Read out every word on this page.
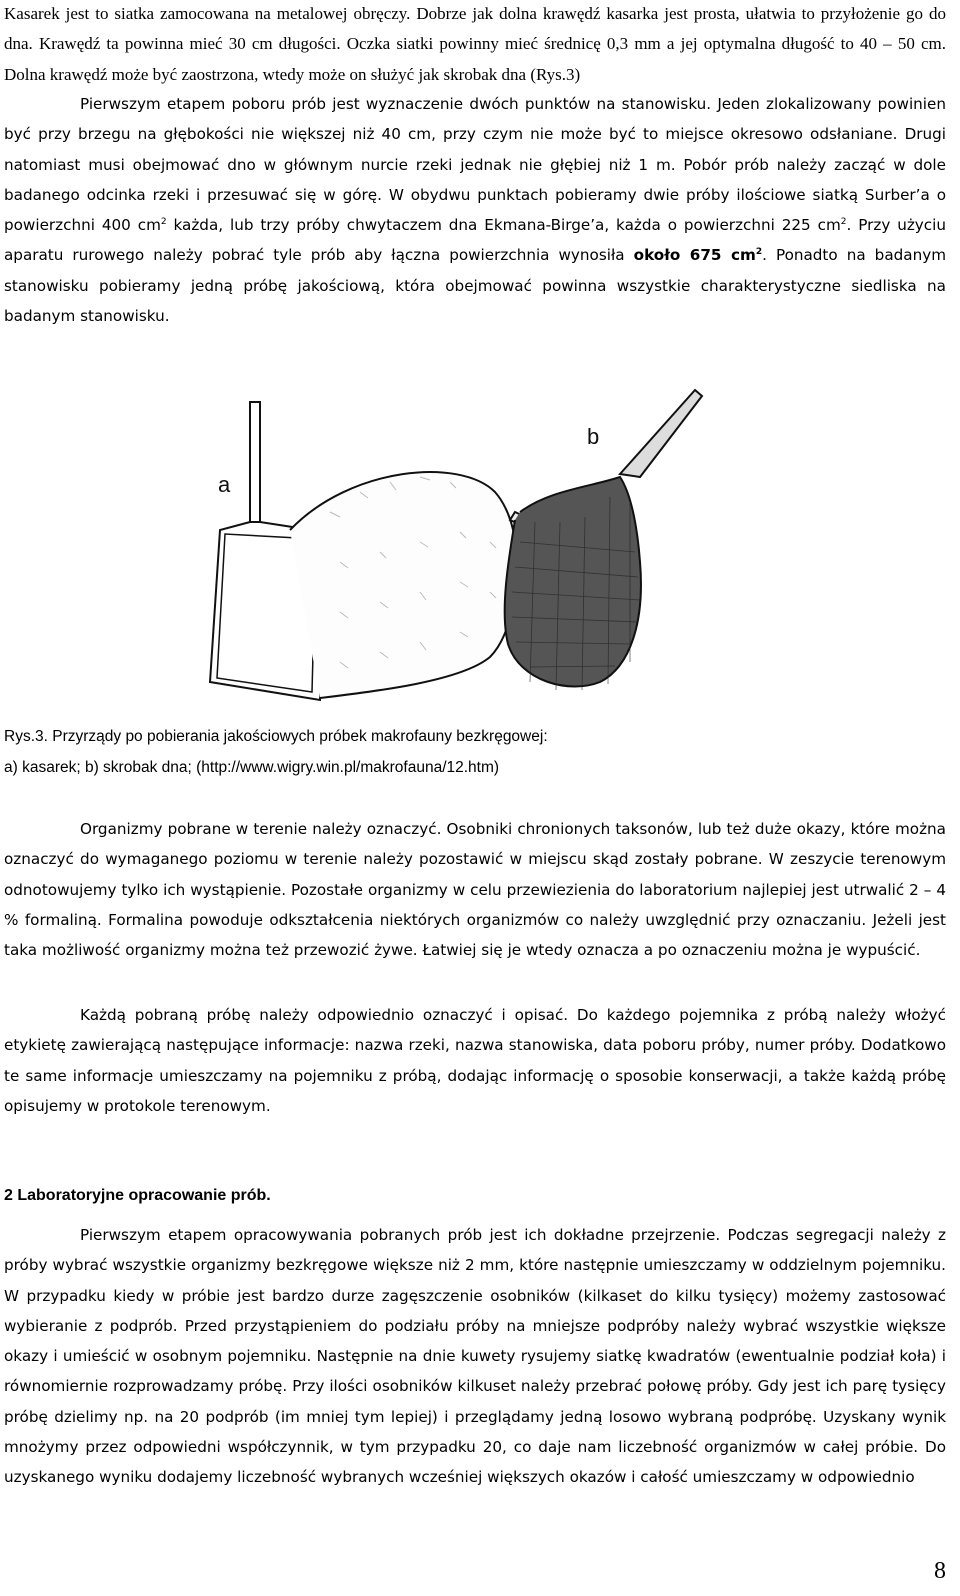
Kasarek jest to siatka zamocowana na metalowej obręczy. Dobrze jak dolna krawędź kasarka jest prosta, ułatwia to przyłożenie go do dna. Krawędź ta powinna mieć 30 cm długości. Oczka siatki powinny mieć średnicę 0,3 mm a jej optymalna długość to 40 – 50 cm. Dolna krawędź może być zaostrzona, wtedy może on służyć jak skrobak dna (Rys.3)

Pierwszym etapem poboru prób jest wyznaczenie dwóch punktów na stanowisku. Jeden zlokalizowany powinien być przy brzegu na głębokości nie większej niż 40 cm, przy czym nie może być to miejsce okresowo odsłaniane. Drugi natomiast musi obejmować dno w głównym nurcie rzeki jednak nie głębiej niż 1 m. Pobór prób należy zacząć w dole badanego odcinka rzeki i przesuwać się w górę. W obydwu punktach pobieramy dwie próby ilościowe siatką Surber’a o powierzchni 400 $cm^2$ każda, lub trzy próby chwytaczem dna Ekmana-Birge’a, każda o powierzchni 225 $cm^2$. Przy użyciu aparatu rurowego należy pobrać tyle prób aby łączna powierzchnia wynosiła około 675 $cm^2$. Ponadto na badanym stanowisku pobieramy jedną próbę jakościową, która obejmować powinna wszystkie charakterystyczne siedliska na badanym stanowisku.

a
b

Rys.3. Przyrządy po pobierania jakościowych próbek makrofauny bezkręgowej:

a) kasarek; b) skrobak dna; (http://www.wigry.win.pl/makrofauna/12.htm)

Organizmy pobrane w terenie należy oznaczyć. Osobniki chronionych taksonów, lub też duże okazy, które można oznaczyć do wymaganego poziomu w terenie należy pozostawić w miejscu skąd zostały pobrane. W zeszycie terenowym odnotowujemy tylko ich wystąpienie. Pozostałe organizmy w celu przewiezienia do laboratorium najlepiej jest utrwalić 2 – 4 % formaliną. Formalina powoduje odkształcenia niektórych organizmów co należy uwzględnić przy oznaczaniu. Jeżeli jest taka możliwość organizmy można też przewozić żywe. Łatwiej się je wtedy oznacza a po oznaczeniu można je wypuścić.

Każdą pobraną próbę należy odpowiednio oznaczyć i opisać. Do każdego pojemnika z próbą należy włożyć etykietę zawierającą następujące informacje: nazwa rzeki, nazwa stanowiska, data poboru próby, numer próby. Dodatkowo te same informacje umieszczamy na pojemniku z próbą, dodając informację o sposobie konserwacji, a także każdą próbę opisujemy w protokole terenowym.

2 Laboratoryjne opracowanie prób.

Pierwszym etapem opracowywania pobranych prób jest ich dokładne przejrzenie. Podczas segregacji należy z próby wybrać wszystkie organizmy bezkręgowe większe niż 2 mm, które następnie umieszczamy w oddzielnym pojemniku. W przypadku kiedy w próbie jest bardzo durze zagęszczenie osobników (kilkaset do kilku tysięcy) możemy zastosować wybieranie z podprób. Przed przystąpieniem do podziału próby na mniejsze podpróby należy wybrać wszystkie większe okazy i umieścić w osobnym pojemniku. Następnie na dnie kuwety rysujemy siatkę kwadratów (ewentualnie podział koła) i równomiernie rozprowadzamy próbę. Przy ilości osobników kilkuset należy przebrać połowę próby. Gdy jest ich parę tysięcy próbę dzielimy np. na 20 podprób (im mniej tym lepiej) i przeglądamy jedną losowo wybraną podpróbę. Uzyskany wynik mnożymy przez odpowiedni współczynnik, w tym przypadku 20, co daje nam liczebność organizmów w całej próbie. Do uzyskanego wyniku dodajemy liczebność wybranych wcześniej większych okazów i całość umieszczamy w odpowiednio

8
